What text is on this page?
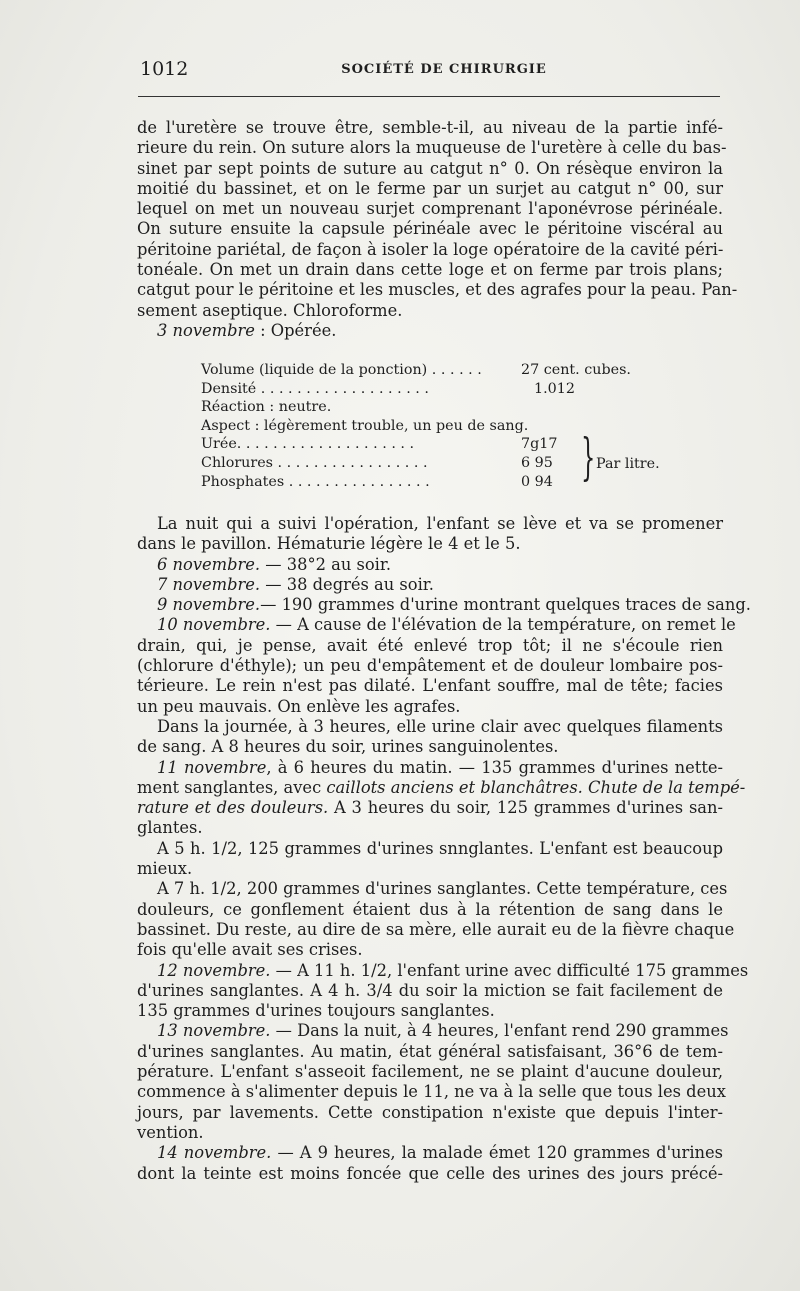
1012	SOCIÉTÉ DE CHIRURGIE
de l'uretère se trouve être, semble-t-il, au niveau de la partie infé-
rieure du rein. On suture alors la muqueuse de l'uretère à celle du bas-
sinet par sept points de suture au catgut n° 0. On résèque environ la
moitié du bassinet, et on le ferme par un surjet au catgut n° 00, sur
lequel on met un nouveau surjet comprenant l'aponévrose périnéale.
On suture ensuite la capsule périnéale avec le péritoine viscéral au
péritoine pariétal, de façon à isoler la loge opératoire de la cavité péri-
tonéale. On met un drain dans cette loge et on ferme par trois plans;
catgut pour le péritoine et les muscles, et des agrafes pour la peau. Pan-
sement aseptique. Chloroforme.
3 novembre : Opérée.
Volume (liquide de la ponction) . . . . . .	27 cent. cubes.
Densité . . . . . . . . . . . . . . . . . . .	1.012
Réaction : neutre.
Aspect : légèrement trouble, un peu de sang.
Urée. . . . . . . . . . . . . . . . . . . .	7g17
Chlorures . . . . . . . . . . . . . . . . .	6 95
Phosphates . . . . . . . . . . . . . . . .	0 94 } Par litre.
La nuit qui a suivi l'opération, l'enfant se lève et va se promener
dans le pavillon. Hématurie légère le 4 et le 5.
6 novembre. — 38°2 au soir.
7 novembre. — 38 degrés au soir.
9 novembre.— 190 grammes d'urine montrant quelques traces de sang.
10 novembre. — A cause de l'élévation de la température, on remet le
drain, qui, je pense, avait été enlevé trop tôt; il ne s'écoule rien
(chlorure d'éthyle); un peu d'empâtement et de douleur lombaire pos-
térieure. Le rein n'est pas dilaté. L'enfant souffre, mal de tête; facies
un peu mauvais. On enlève les agrafes.
Dans la journée, à 3 heures, elle urine clair avec quelques filaments
de sang. A 8 heures du soir, urines sanguinolentes.
11 novembre, à 6 heures du matin. — 135 grammes d'urines nette-
ment sanglantes, avec caillots anciens et blanchâtres. Chute de la tempé-
rature et des douleurs. A 3 heures du soir, 125 grammes d'urines san-
glantes.
A 5 h. 1/2, 125 grammes d'urines snnglantes. L'enfant est beaucoup
mieux.
A 7 h. 1/2, 200 grammes d'urines sanglantes. Cette température, ces
douleurs, ce gonflement étaient dus à la rétention de sang dans le
bassinet. Du reste, au dire de sa mère, elle aurait eu de la fièvre chaque
fois qu'elle avait ses crises.
12 novembre. — A 11 h. 1/2, l'enfant urine avec difficulté 175 grammes
d'urines sanglantes. A 4 h. 3/4 du soir la miction se fait facilement de
135 grammes d'urines toujours sanglantes.
13 novembre. — Dans la nuit, à 4 heures, l'enfant rend 290 grammes
d'urines sanglantes. Au matin, état général satisfaisant, 36°6 de tem-
pérature. L'enfant s'asseoit facilement, ne se plaint d'aucune douleur,
commence à s'alimenter depuis le 11, ne va à la selle que tous les deux
jours, par lavements. Cette constipation n'existe que depuis l'inter-
vention.
14 novembre. — A 9 heures, la malade émet 120 grammes d'urines
dont la teinte est moins foncée que celle des urines des jours précé-
